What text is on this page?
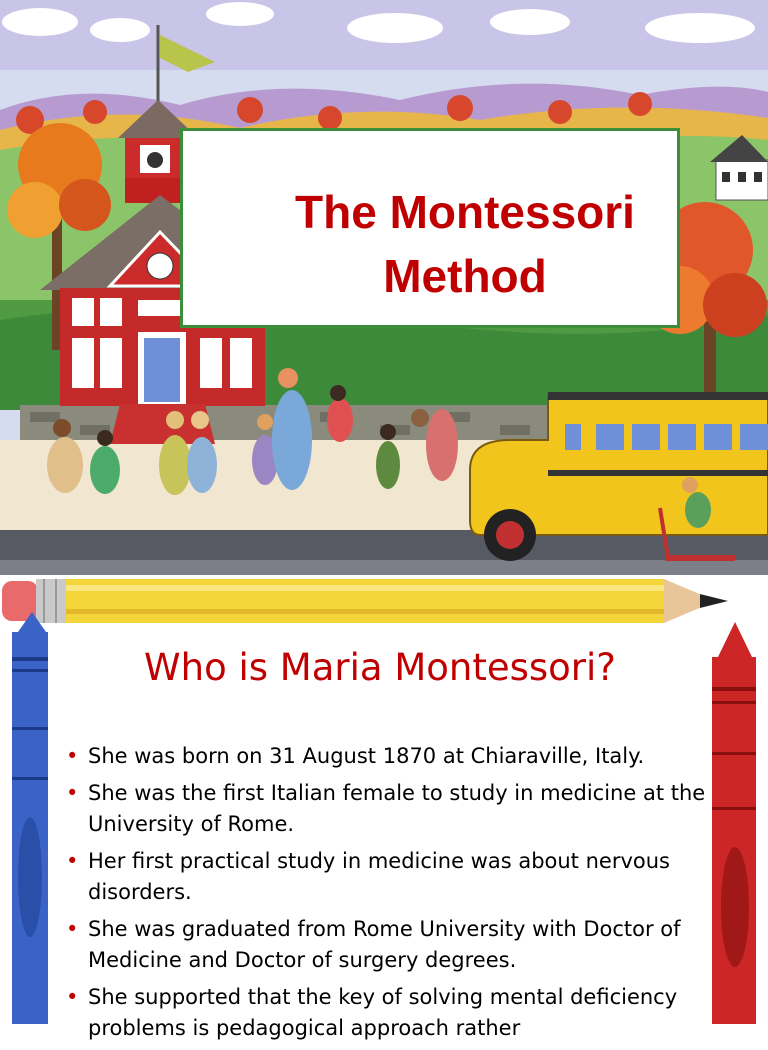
The Montessori
Method
Who is Maria Montessori?
• She was born on 31 August 1870 at Chiaraville, Italy.
• She was the first Italian female to study in medicine at the University of Rome.
• Her first practical study in medicine was about nervous disorders.
• She was graduated from Rome University with Doctor of Medicine and Doctor of surgery degrees.
• She supported that the key of solving mental deficiency problems is pedagogical approach rather
